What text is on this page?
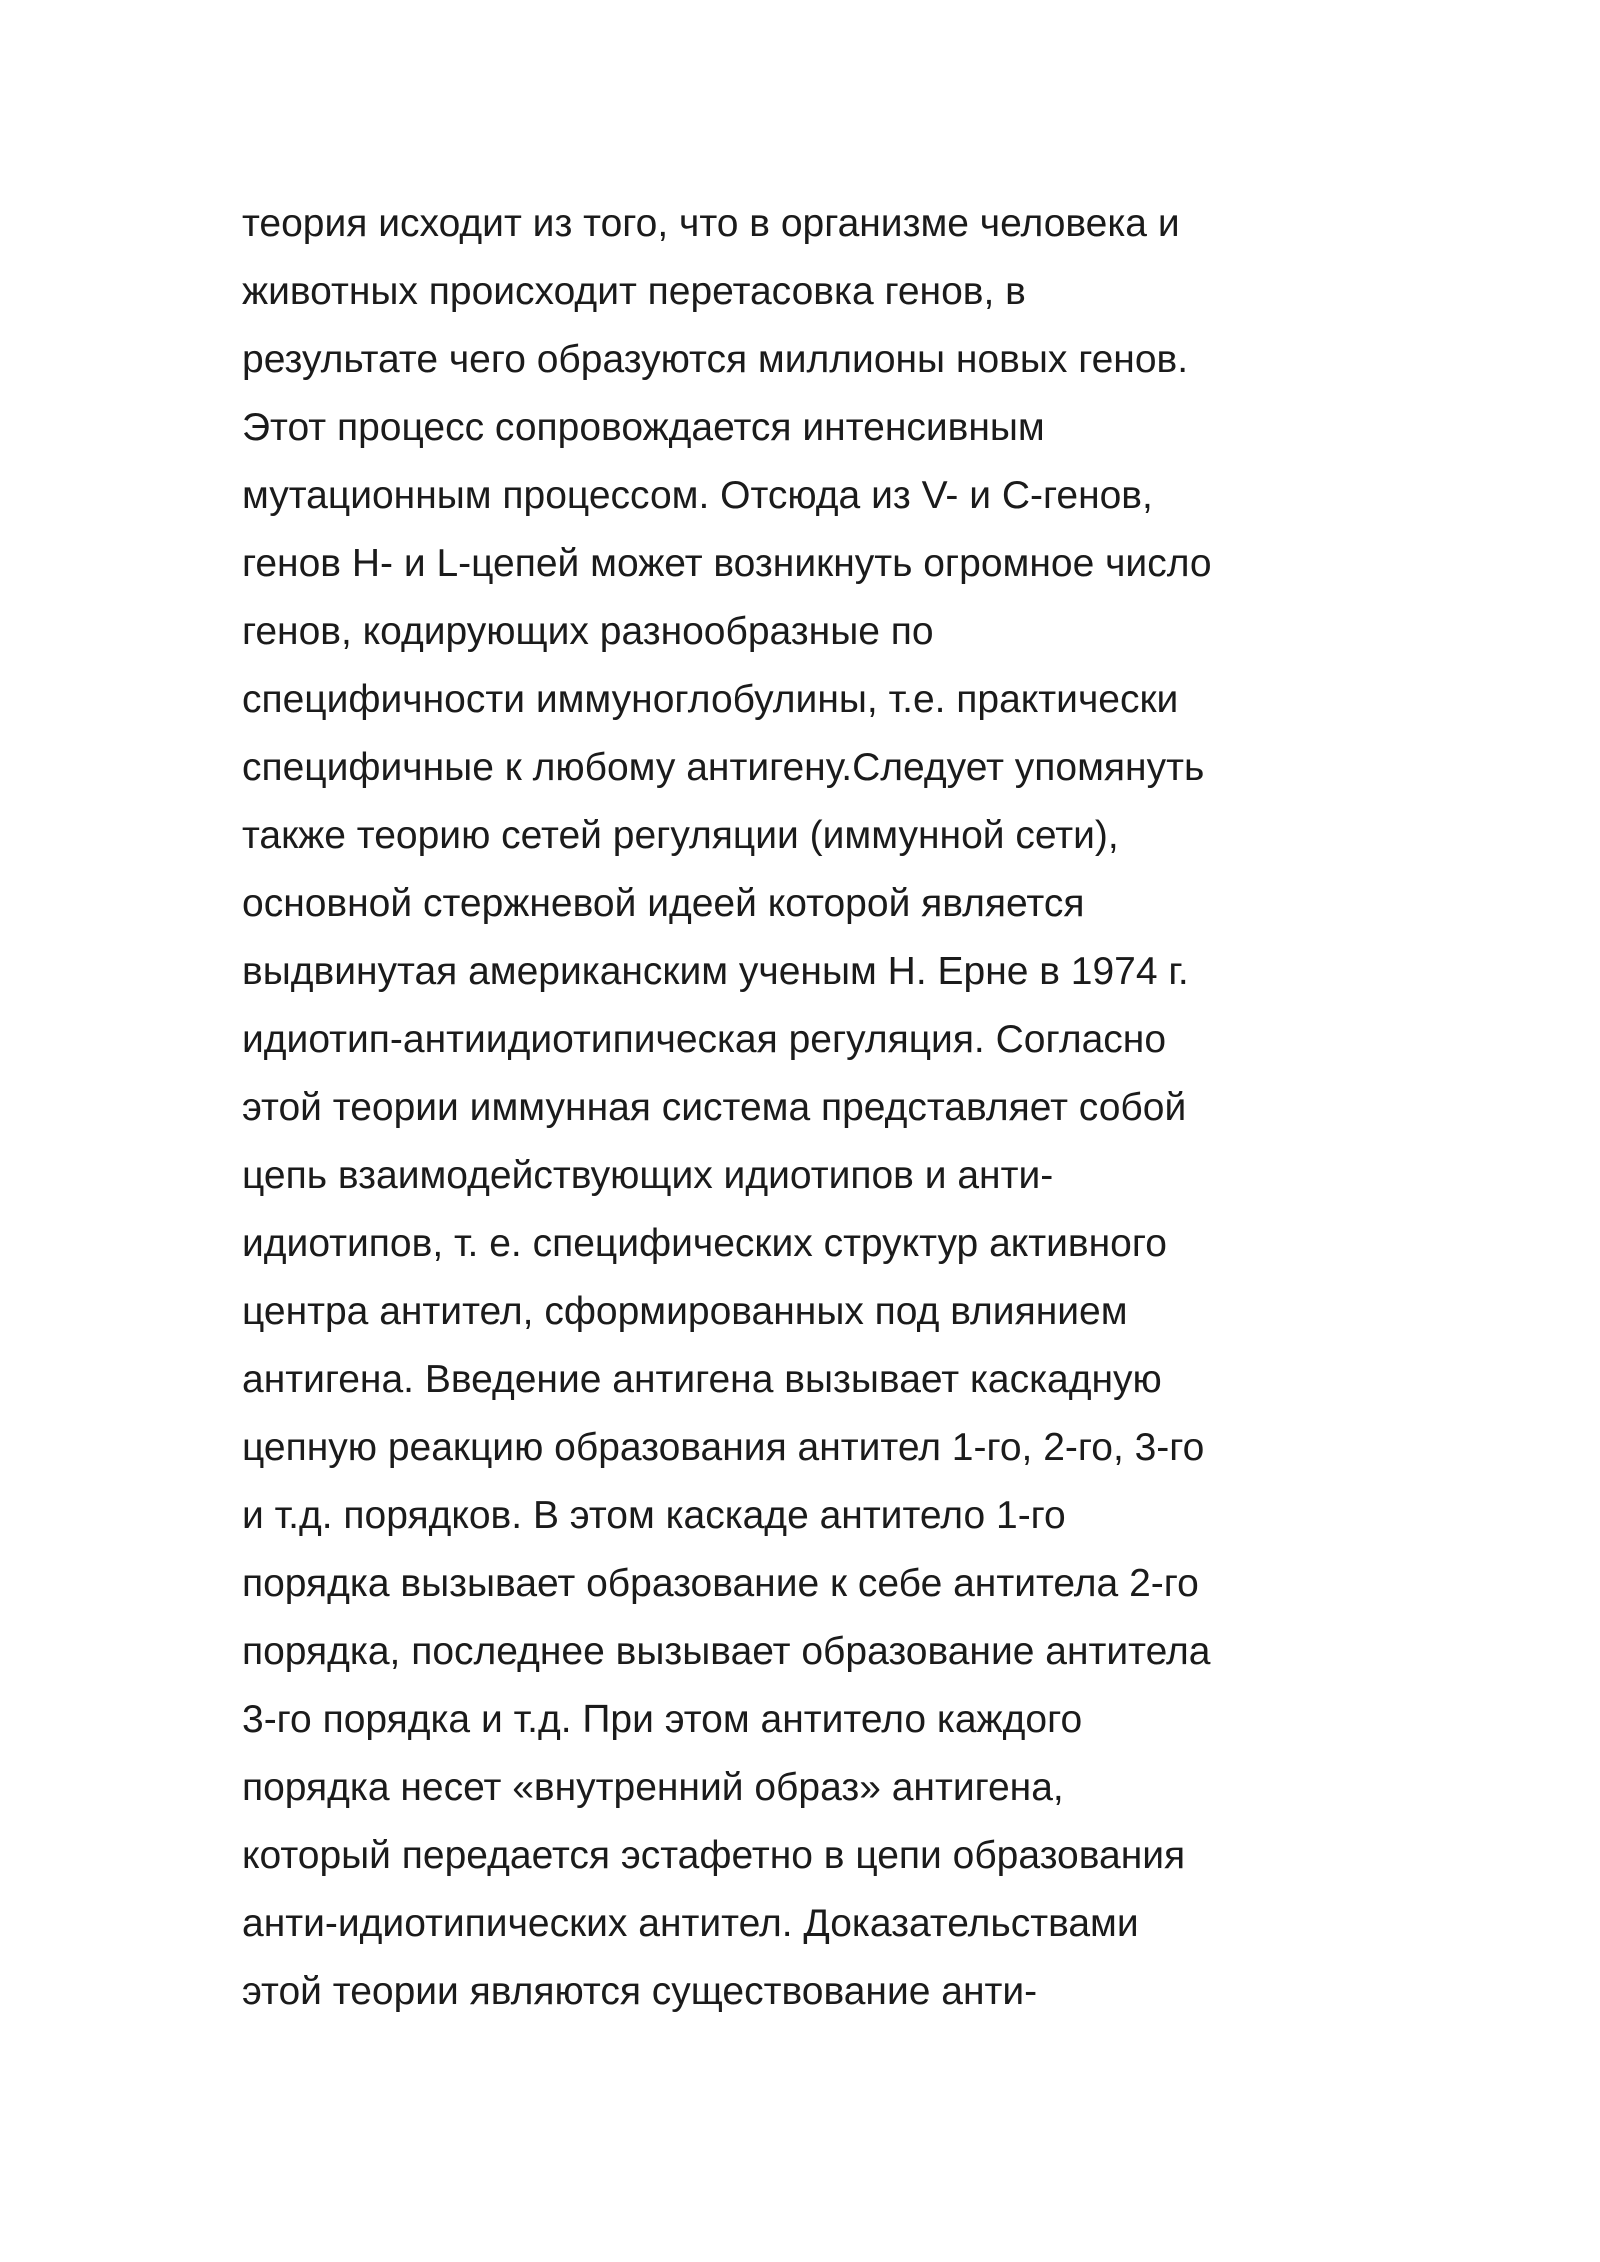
теория исходит из того, что в организме человека и
животных происходит перетасовка генов, в
результате чего образуются миллионы новых генов.
Этот процесс сопровождается интенсивным
мутационным процессом. Отсюда из V- и С-генов,
генов Н- и L-цепей может возникнуть огромное число
генов, кодирующих разнообразные по
специфичности иммуноглобулины, т.е. практически
специфичные к любому антигену.Следует упомянуть
также теорию сетей регуляции (иммунной сети),
основной стержневой идеей которой является
выдвинутая американским ученым Н. Ерне в 1974 г.
идиотип-антиидиотипическая регуляция. Согласно
этой теории иммунная система представляет собой
цепь взаимодействующих идиотипов и анти-
идиотипов, т. е. специфических структур активного
центра антител, сформированных под влиянием
антигена. Введение антигена вызывает каскадную
цепную реакцию образования антител 1-го, 2-го, 3-го
и т.д. порядков. В этом каскаде антитело 1-го
порядка вызывает образование к себе антитела 2-го
порядка, последнее вызывает образование антитела
3-го порядка и т.д. При этом антитело каждого
порядка несет «внутренний образ» антигена,
который передается эстафетно в цепи образования
анти-идиотипических антител. Доказательствами
этой теории являются существование анти-
